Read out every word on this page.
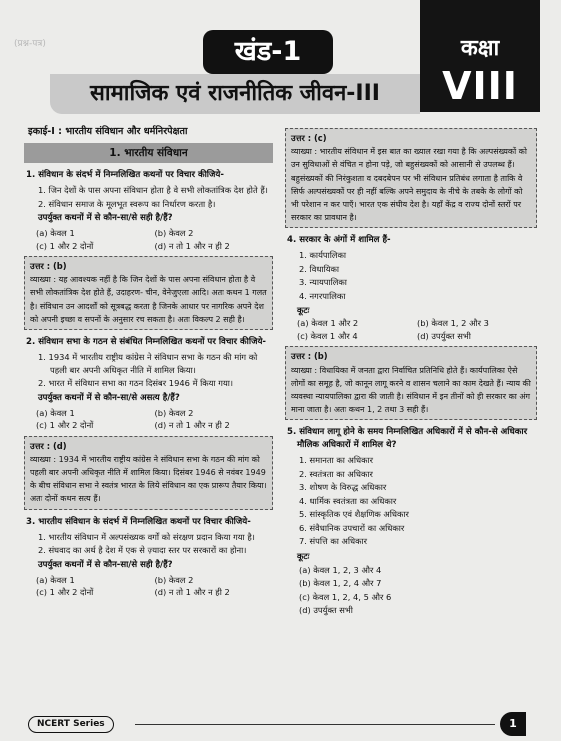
(प्रश्न-पत्र)	कक्षा
VIII
सामाजिक एवं राजनीतिक जीवन-III
खंड-1
इकाई-I : भारतीय संविधान और धर्मनिरपेक्षता
1. भारतीय संविधान
1. संविधान के संदर्भ में निम्नलिखित कथनों पर विचार कीजिये-
1. जिन देशों के पास अपना संविधान होता है वे सभी लोकतांत्रिक देश होते हैं।
2. संविधान समाज के मूलभूत स्वरूप का निर्धारण करता है।
उपर्युक्त कथनों में से कौन-सा/से सही है/हैं?
(a) केवल 1	(b) केवल 2
(c) 1 और 2 दोनों	(d) न तो 1 और न ही 2
उत्तर : (b)
व्याख्या : यह आवश्यक नहीं है कि जिन देशों के पास अपना संविधान होता है वे सभी लोकतांत्रिक देश होते हैं, उदाहरण- चीन, वेनेजुएला आदि। अतः कथन 1 गलत है। संविधान उन आदर्शों को सूत्रबद्ध करता है जिनके आधार पर नागरिक अपने देश को अपनी इच्छा व सपनों के अनुसार रच सकता है। अतः विकल्प 2 सही है।
2. संविधान सभा के गठन से संबंधित निम्नलिखित कथनों पर विचार कीजिये-
1. 1934 में भारतीय राष्ट्रीय कांग्रेस ने संविधान सभा के गठन की मांग को पहली बार अपनी अधिकृत नीति में शामिल किया।
2. भारत में संविधान सभा का गठन दिसंबर 1946 में किया गया।
उपर्युक्त कथनों में से कौन-सा/से असत्य है/हैं?
(a) केवल 1	(b) केवल 2
(c) 1 और 2 दोनों	(d) न तो 1 और न ही 2
उत्तर : (d)
व्याख्या : 1934 में भारतीय राष्ट्रीय कांग्रेस ने संविधान सभा के गठन की मांग को पहली बार अपनी अधिकृत नीति में शामिल किया। दिसंबर 1946 से नवंबर 1949 के बीच संविधान सभा ने स्वतंत्र भारत के लिये संविधान का एक प्रारूप तैयार किया। अतः दोनों कथन सत्य हैं।
3. भारतीय संविधान के संदर्भ में निम्नलिखित कथनों पर विचार कीजिये-
1. भारतीय संविधान में अल्पसंख्यक वर्गों को संरक्षण प्रदान किया गया है।
2. संघवाद का अर्थ है देश में एक से ज़्यादा स्तर पर सरकारों का होना।
उपर्युक्त कथनों में से कौन-सा/से सही है/हैं?
(a) केवल 1	(b) केवल 2
(c) 1 और 2 दोनों	(d) न तो 1 और न ही 2
उत्तर : (c)
व्याख्या : भारतीय संविधान में इस बात का ख्याल रखा गया है कि अल्पसंख्यकों को उन सुविधाओं से वंचित न होना पड़े, जो बहुसंख्यकों को आसानी से उपलब्ध हैं। बहुसंख्यकों की निरंकुशता व दबदबेपन पर भी संविधान प्रतिबंध लगाता है ताकि वे सिर्फ अल्पसंख्यकों पर ही नहीं बल्कि अपने समुदाय के नीचे के तबके के लोगों को भी परेशान न कर पाएँ। भारत एक संघीय देश है। यहाँ केंद्र व राज्य दोनों स्तरों पर सरकार का प्रावधान है।
4. सरकार के अंगों में शामिल हैं-
1. कार्यपालिका
2. विधायिका
3. न्यायपालिका
4. नगरपालिका
कूटः
(a) केवल 1 और 2	(b) केवल 1, 2 और 3
(c) केवल 1 और 4	(d) उपर्युक्त सभी
उत्तर : (b)
व्याख्या : विधायिका में जनता द्वारा निर्वाचित प्रतिनिधि होते हैं। कार्यपालिका ऐसे लोगों का समूह है, जो कानून लागू करने व शासन चलाने का काम देखते हैं। न्याय की व्यवस्था न्यायपालिका द्वारा की जाती है। संविधान में इन तीनों को ही सरकार का अंग माना जाता है। अतः कथन 1, 2 तथा 3 सही हैं।
5. संविधान लागू होने के समय निम्नलिखित अधिकारों में से कौन-से अधिकार मौलिक अधिकारों में शामिल थे?
1. समानता का अधिकार
2. स्वतंत्रता का अधिकार
3. शोषण के विरुद्ध अधिकार
4. धार्मिक स्वतंत्रता का अधिकार
5. सांस्कृतिक एवं शैक्षणिक अधिकार
6. संवैधानिक उपचारों का अधिकार
7. संपत्ति का अधिकार
कूटः
(a) केवल 1, 2, 3 और 4
(b) केवल 1, 2, 4 और 7
(c) केवल 1, 2, 4, 5 और 6
(d) उपर्युक्त सभी
NCERT Series	1
